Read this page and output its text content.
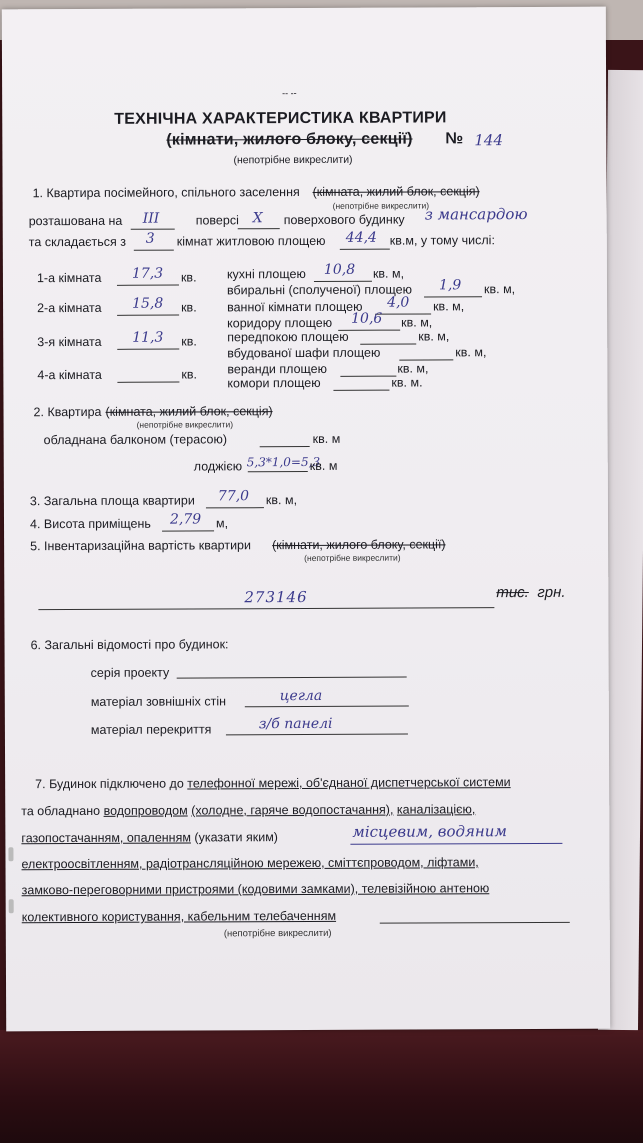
-- --
ТЕХНІЧНА ХАРАКТЕРИСТИКА КВАРТИРИ
(кімнати, жилого блоку, секції) № 144
(непотрібне викреслити)
1. Квартира посімейного, спільного заселення (кімната, жилий блок, секція)
(непотрібне викреслити)
розташована на III	поверсі X поверхового будинку з мансардою
та складається з 3 кімнат житловою площею 44,4 кв.м, у тому числі:
1-а кімната 17,3 кв.
2-а кімната 15,8 кв.
3-я кімната 11,3 кв.
4-а кімната	кв.
кухні площею 10,8 кв. м,
вбиральні (сполученої) площею 1,9 кв. м,
ванної кімнати площею 4,0 кв. м,
коридору площею 10,6 кв. м,
передпокою площею	кв. м,
вбудованої шафи площею	кв. м,
веранди площею	кв. м,
комори площею	кв. м.
2. Квартира (кімната, жилий блок, секція)
(непотрібне викреслити)
обладнана балконом (терасою)	кв. м
лоджією 5,3*1,0=5,3
кв. м
3. Загальна площа квартири 77,0 кв. м,
4. Висота приміщень 2,79 м,
5. Інвентаризаційна вартість квартири (кімнати, жилого блоку, секції)
(непотрібне викреслити)
273146	тис. грн.
6. Загальні відомості про будинок:
серія проекту
матеріал зовнішніх стін	цегла
матеріал перекриття	з/б панелі
7. Будинок підключено до телефонної мережі, об'єднаної диспетчерської системи
та обладнано водопроводом (холодне, гаряче водопостачання), каналізацією,
газопостачанням, опаленням (указати яким)	місцевим, водяним
електроосвітленням, радіотрансляційною мережею, сміттєпроводом, ліфтами,
замково-переговорними пристроями (кодовими замками), телевізійною антеною
колективного користування, кабельним телебаченням
(непотрібне викреслити)
